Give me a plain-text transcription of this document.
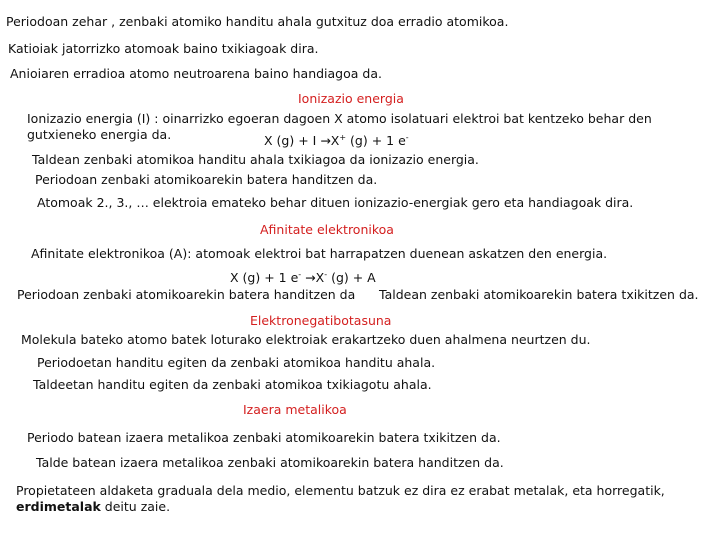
Periodoan zehar , zenbaki atomiko handitu ahala gutxituz doa erradio atomikoa.
Katioiak jatorrizko atomoak baino txikiagoak dira.
Anioiaren erradioa atomo neutroarena baino handiagoa da.
Ionizazio energia
Ionizazio energia (I) : oinarrizko egoeran dagoen X atomo isolatuari elektroi bat kentzeko behar den
gutxieneko energia da.	X (g) + I →X+ (g) + 1 e-
Taldean zenbaki atomikoa handitu ahala txikiagoa da ionizazio energia.
Periodoan zenbaki atomikoarekin batera handitzen da.
Atomoak 2., 3., … elektroia emateko behar dituen ionizazio-energiak gero eta handiagoak dira.
Afinitate elektronikoa
Afinitate elektronikoa (A): atomoak elektroi bat harrapatzen duenean askatzen den energia.
X (g) + 1 e- →X- (g) + A
Periodoan zenbaki atomikoarekin batera handitzen da Taldean zenbaki atomikoarekin batera txikitzen da.
Elektronegatibotasuna
Molekula bateko atomo batek loturako elektroiak erakartzeko duen ahalmena neurtzen du.
Periodoetan handitu egiten da zenbaki atomikoa handitu ahala.
Taldeetan handitu egiten da zenbaki atomikoa txikiagotu ahala.
Izaera metalikoa
Periodo batean izaera metalikoa zenbaki atomikoarekin batera txikitzen da.
Talde batean izaera metalikoa zenbaki atomikoarekin batera handitzen da.
Propietateen aldaketa graduala dela medio, elementu batzuk ez dira ez erabat metalak, eta horregatik,
erdimetalak deitu zaie.
